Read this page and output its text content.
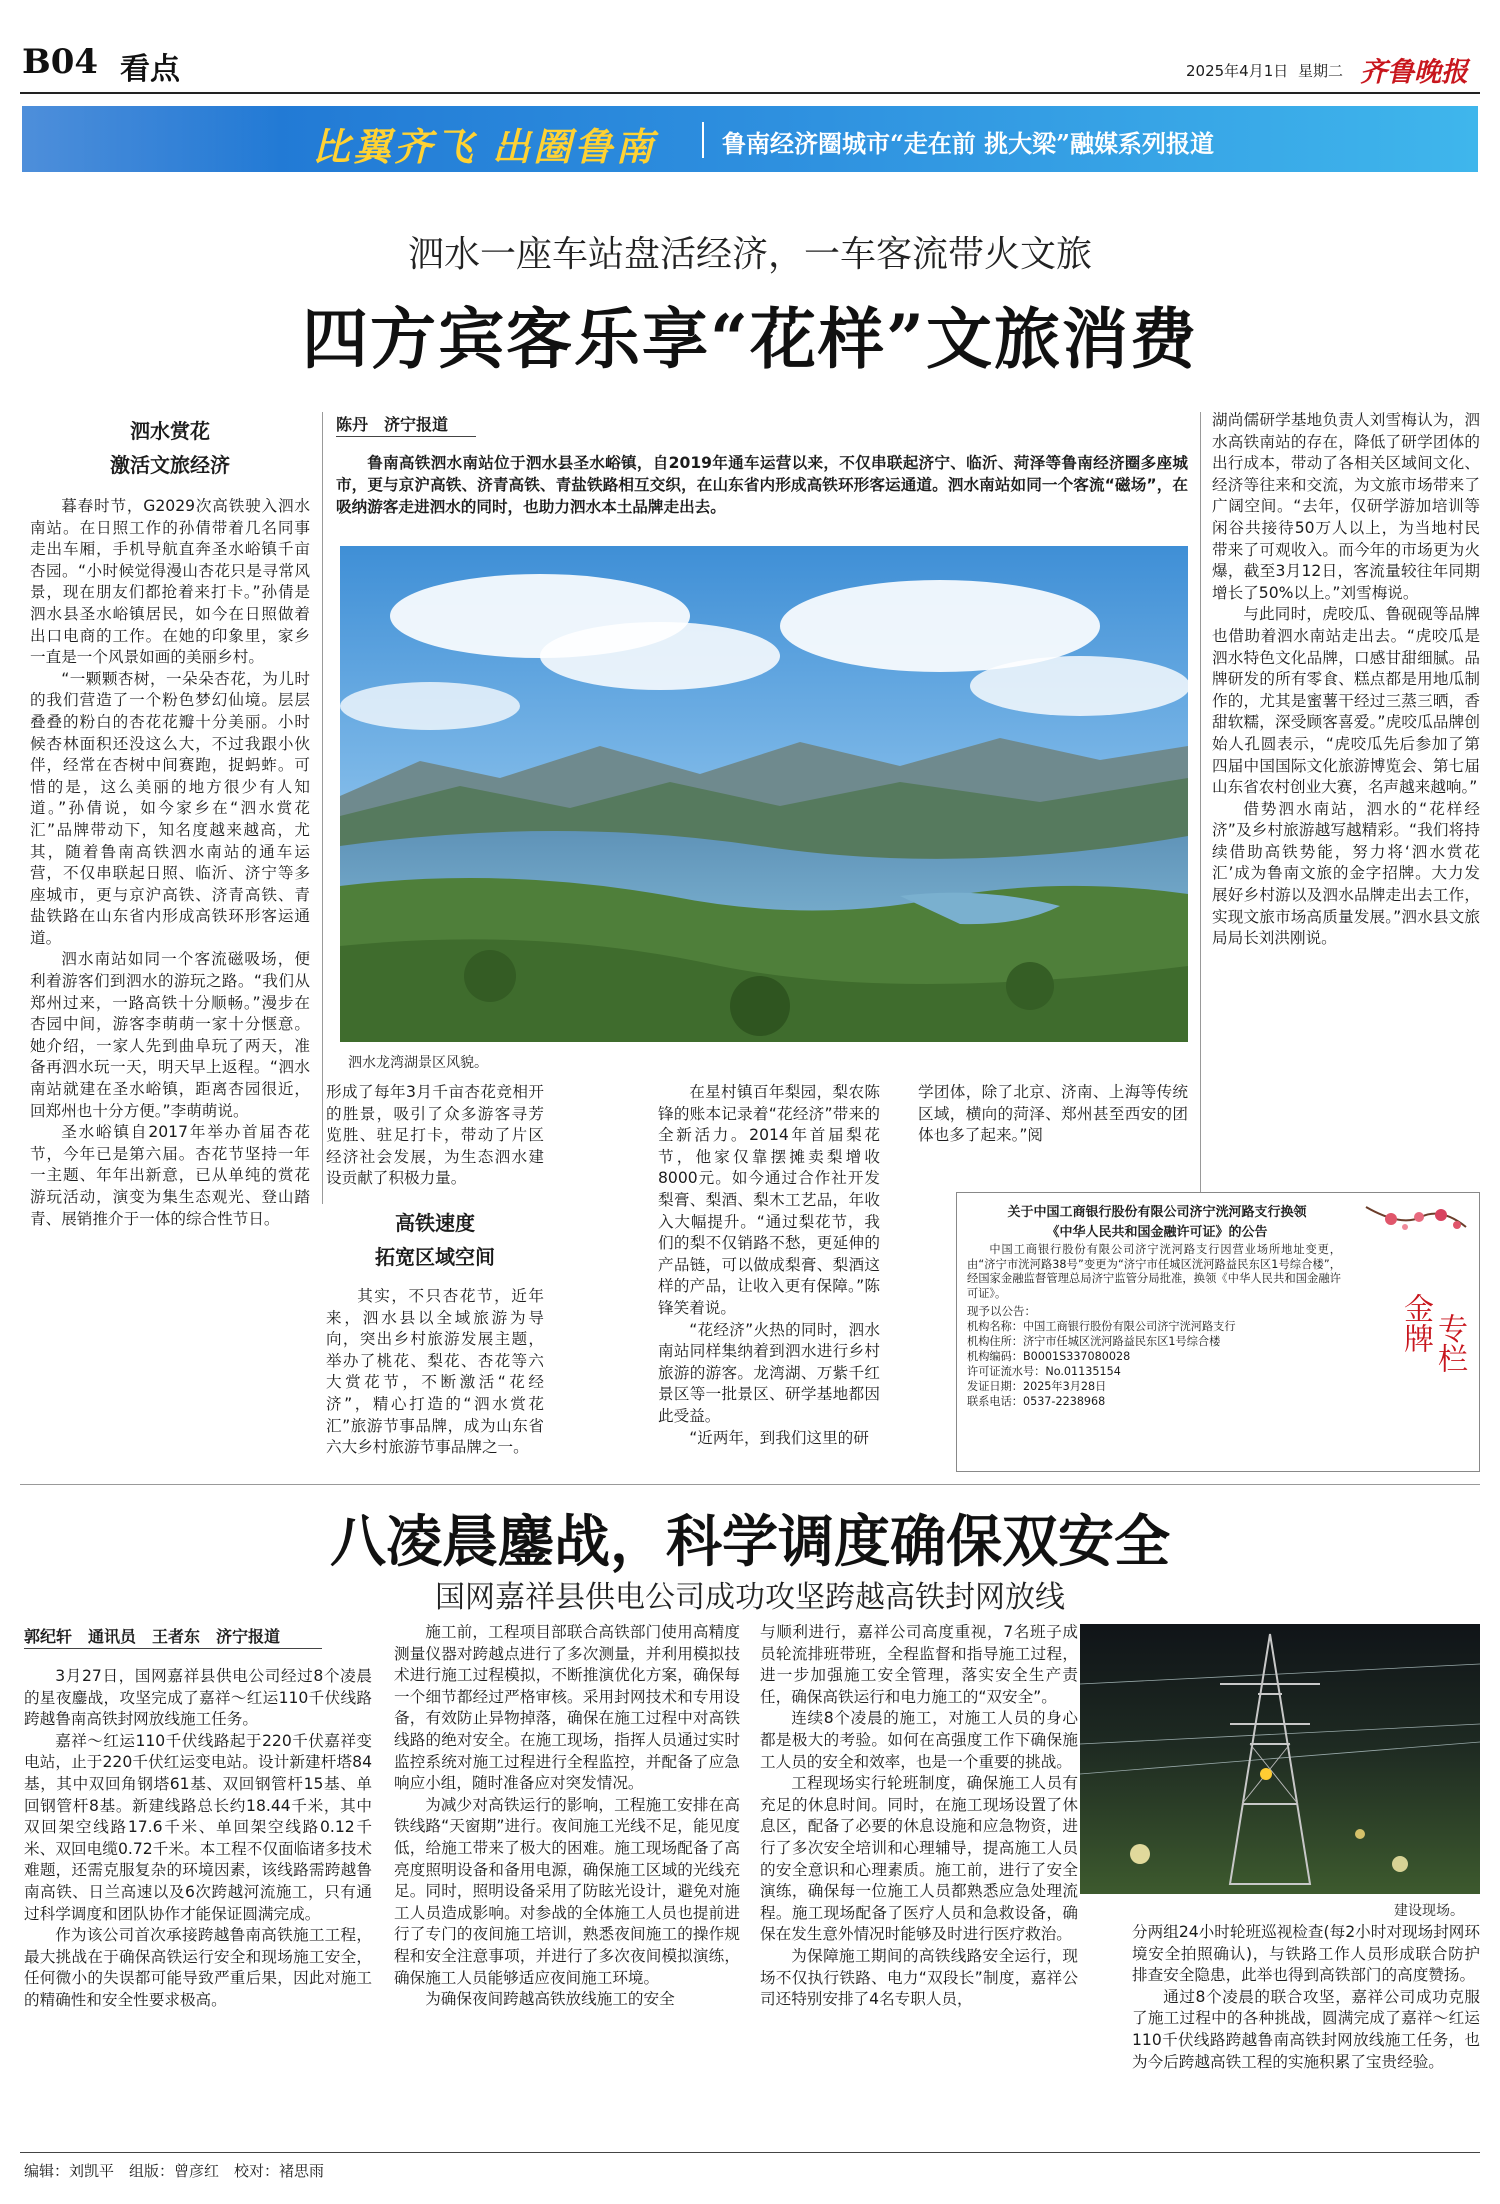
B04 看点	2025年4月1日 星期二 齐鲁晚报
比翼齐飞 出圈鲁南	鲁南经济圈城市“走在前 挑大梁”融媒系列报道
泗水一座车站盘活经济，一车客流带火文旅
四方宾客乐享“花样”文旅消费
泗水赏花
激活文旅经济

暮春时节，G2029次高铁驶入泗水南站。在日照工作的孙倩带着几名同事走出车厢，手机导航直奔圣水峪镇千亩杏园。“小时候觉得漫山杏花只是寻常风景，现在朋友们都抢着来打卡。”孙倩是泗水县圣水峪镇居民，如今在日照做着出口电商的工作。在她的印象里，家乡一直是一个风景如画的美丽乡村。

“一颗颗杏树，一朵朵杏花，为儿时的我们营造了一个粉色梦幻仙境。层层叠叠的粉白的杏花花瓣十分美丽。小时候杏林面积还没这么大，不过我跟小伙伴，经常在杏树中间赛跑，捉蚂蚱。可惜的是，这么美丽的地方很少有人知道。”孙倩说，如今家乡在“泗水赏花汇”品牌带动下，知名度越来越高，尤其，随着鲁南高铁泗水南站的通车运营，不仅串联起日照、临沂、济宁等多座城市，更与京沪高铁、济青高铁、青盐铁路在山东省内形成高铁环形客运通道。

泗水南站如同一个客流磁吸场，便利着游客们到泗水的游玩之路。“我们从郑州过来，一路高铁十分顺畅。”漫步在杏园中间，游客李萌萌一家十分惬意。她介绍，一家人先到曲阜玩了两天，准备再泗水玩一天，明天早上返程。“泗水南站就建在圣水峪镇，距离杏园很近，回郑州也十分方便。”李萌萌说。

圣水峪镇自2017年举办首届杏花节，今年已是第六届。杏花节坚持一年一主题、年年出新意，已从单纯的赏花游玩活动，演变为集生态观光、登山踏青、展销推介于一体的综合性节日。

陈丹　济宁报道

鲁南高铁泗水南站位于泗水县圣水峪镇，自2019年通车运营以来，不仅串联起济宁、临沂、菏泽等鲁南经济圈多座城市，更与京沪高铁、济青高铁、青盐铁路相互交织，在山东省内形成高铁环形客运通道。泗水南站如同一个客流“磁场”，在吸纳游客走进泗水的同时，也助力泗水本土品牌走出去。

泗水龙湾湖景区风貌。

形成了每年3月千亩杏花竞相开的胜景，吸引了众多游客寻芳览胜、驻足打卡，带动了片区经济社会发展，为生态泗水建设贡献了积极力量。

高铁速度
拓宽区域空间

其实，不只杏花节，近年来，泗水县以全域旅游为导向，突出乡村旅游发展主题，举办了桃花、梨花、杏花等六大赏花节，不断激活“花经济”，精心打造的“泗水赏花汇”旅游节事品牌，成为山东省六大乡村旅游节事品牌之一。

在星村镇百年梨园，梨农陈锋的账本记录着“花经济”带来的全新活力。2014年首届梨花节，他家仅靠摆摊卖梨增收8000元。如今通过合作社开发梨膏、梨酒、梨木工艺品，年收入大幅提升。“通过梨花节，我们的梨不仅销路不愁，更延伸的产品链，可以做成梨膏、梨酒这样的产品，让收入更有保障。”陈锋笑着说。

“花经济”火热的同时，泗水南站同样集纳着到泗水进行乡村旅游的游客。龙湾湖、万紫千红景区等一批景区、研学基地都因此受益。

“近两年，到我们这里的研

学团体，除了北京、济南、上海等传统区域，横向的菏泽、郑州甚至西安的团体也多了起来。”阅

湖尚儒研学基地负责人刘雪梅认为，泗水高铁南站的存在，降低了研学团体的出行成本，带动了各相关区域间文化、经济等往来和交流，为文旅市场带来了广阔空间。“去年，仅研学游加培训等闲谷共接待50万人以上，为当地村民带来了可观收入。而今年的市场更为火爆，截至3月12日，客流量较往年同期增长了50%以上。”刘雪梅说。

与此同时，虎咬瓜、鲁砚砚等品牌也借助着泗水南站走出去。“虎咬瓜是泗水特色文化品牌，口感甘甜细腻。品牌研发的所有零食、糕点都是用地瓜制作的，尤其是蜜薯干经过三蒸三晒，香甜软糯，深受顾客喜爱。”虎咬瓜品牌创始人孔圆表示，“虎咬瓜先后参加了第四届中国国际文化旅游博览会、第七届山东省农村创业大赛，名声越来越响。”

借势泗水南站，泗水的“花样经济”及乡村旅游越写越精彩。“我们将持续借助高铁势能，努力将‘泗水赏花汇’成为鲁南文旅的金字招牌。大力发展好乡村游以及泗水品牌走出去工作，实现文旅市场高质量发展。”泗水县文旅局局长刘洪刚说。

关于中国工商银行股份有限公司济宁洸河路支行换领
《中华人民共和国金融许可证》的公告
中国工商银行股份有限公司济宁洸河路支行因营业场所地址变更，由“济宁市洸河路38号”变更为“济宁市任城区洸河路益民东区1号综合楼”，经国家金融监督管理总局济宁监管分局批准，换领《中华人民共和国金融许可证》。
现予以公告：
机构名称：中国工商银行股份有限公司济宁洸河路支行
机构住所：济宁市任城区洸河路益民东区1号综合楼
机构编码：B0001S337080028
许可证流水号：No.01135154
发证日期：2025年3月28日
联系电话：0537-2238968
金牌 专栏
八凌晨鏖战，科学调度确保双安全
国网嘉祥县供电公司成功攻坚跨越高铁封网放线
郭纪轩　通讯员　王者东　济宁报道

3月27日，国网嘉祥县供电公司经过8个凌晨的星夜鏖战，攻坚完成了嘉祥～红运110千伏线路跨越鲁南高铁封网放线施工任务。

嘉祥～红运110千伏线路起于220千伏嘉祥变电站，止于220千伏红运变电站。设计新建杆塔84基，其中双回角钢塔61基、双回钢管杆15基、单回钢管杆8基。新建线路总长约18.44千米，其中双回架空线路17.6千米、单回架空线路0.12千米、双回电缆0.72千米。本工程不仅面临诸多技术难题，还需克服复杂的环境因素，该线路需跨越鲁南高铁、日兰高速以及6次跨越河流施工，只有通过科学调度和团队协作才能保证圆满完成。

作为该公司首次承接跨越鲁南高铁施工工程，最大挑战在于确保高铁运行安全和现场施工安全，任何微小的失误都可能导致严重后果，因此对施工的精确性和安全性要求极高。

施工前，工程项目部联合高铁部门使用高精度测量仪器对跨越点进行了多次测量，并利用模拟技术进行施工过程模拟，不断推演优化方案，确保每一个细节都经过严格审核。采用封网技术和专用设备，有效防止异物掉落，确保在施工过程中对高铁线路的绝对安全。在施工现场，指挥人员通过实时监控系统对施工过程进行全程监控，并配备了应急响应小组，随时准备应对突发情况。

为减少对高铁运行的影响，工程施工安排在高铁线路“天窗期”进行。夜间施工光线不足，能见度低，给施工带来了极大的困难。施工现场配备了高亮度照明设备和备用电源，确保施工区域的光线充足。同时，照明设备采用了防眩光设计，避免对施工人员造成影响。对参战的全体施工人员也提前进行了专门的夜间施工培训，熟悉夜间施工的操作规程和安全注意事项，并进行了多次夜间模拟演练，确保施工人员能够适应夜间施工环境。

为确保夜间跨越高铁放线施工的安全

与顺利进行，嘉祥公司高度重视，7名班子成员轮流排班带班，全程监督和指导施工过程，进一步加强施工安全管理，落实安全生产责任，确保高铁运行和电力施工的“双安全”。

连续8个凌晨的施工，对施工人员的身心都是极大的考验。如何在高强度工作下确保施工人员的安全和效率，也是一个重要的挑战。

工程现场实行轮班制度，确保施工人员有充足的休息时间。同时，在施工现场设置了休息区，配备了必要的休息设施和应急物资，进行了多次安全培训和心理辅导，提高施工人员的安全意识和心理素质。施工前，进行了安全演练，确保每一位施工人员都熟悉应急处理流程。施工现场配备了医疗人员和急救设备，确保在发生意外情况时能够及时进行医疗救治。

为保障施工期间的高铁线路安全运行，现场不仅执行铁路、电力“双段长”制度，嘉祥公司还特别安排了4名专职人员，

建设现场。

分两组24小时轮班巡视检查(每2小时对现场封网环境安全拍照确认)，与铁路工作人员形成联合防护排查安全隐患，此举也得到高铁部门的高度赞扬。

通过8个凌晨的联合攻坚，嘉祥公司成功克服了施工过程中的各种挑战，圆满完成了嘉祥～红运110千伏线路跨越鲁南高铁封网放线施工任务，也为今后跨越高铁工程的实施积累了宝贵经验。

编辑：刘凯平　组版：曾彦红　校对：褚思雨
